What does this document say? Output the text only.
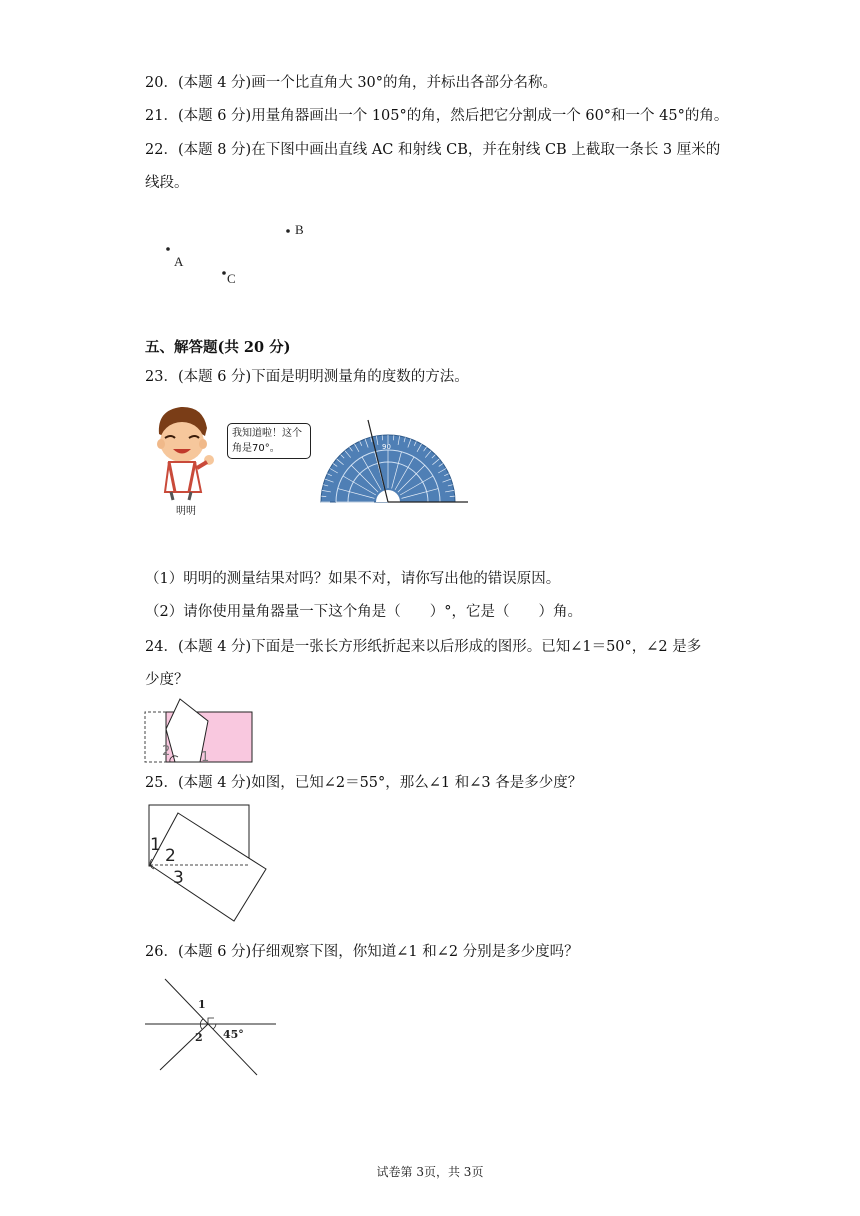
20．(本题 4 分)画一个比直角大 30°的角，并标出各部分名称。
21．(本题 6 分)用量角器画出一个 105°的角，然后把它分割成一个 60°和一个 45°的角。
22．(本题 8 分)在下图中画出直线 AC 和射线 CB，并在射线 CB 上截取一条长 3 厘米的
线段。
A
B
C
五、解答题(共 20 分)
23．(本题 6 分)下面是明明测量角的度数的方法。
我知道啦！这个角是70°。
明明
90
（1）明明的测量结果对吗？如果不对，请你写出他的错误原因。
（2）请你使用量角器量一下这个角是（　　）°，它是（　　）角。
24．(本题 4 分)下面是一张长方形纸折起来以后形成的图形。已知∠1＝50°，∠2 是多
少度？
2 1
25．(本题 4 分)如图，已知∠2＝55°，那么∠1 和∠3 各是多少度？
1
2
3
26．(本题 6 分)仔细观察下图，你知道∠1 和∠2 分别是多少度吗？
1
2 45°
试卷第 3页，共 3页
